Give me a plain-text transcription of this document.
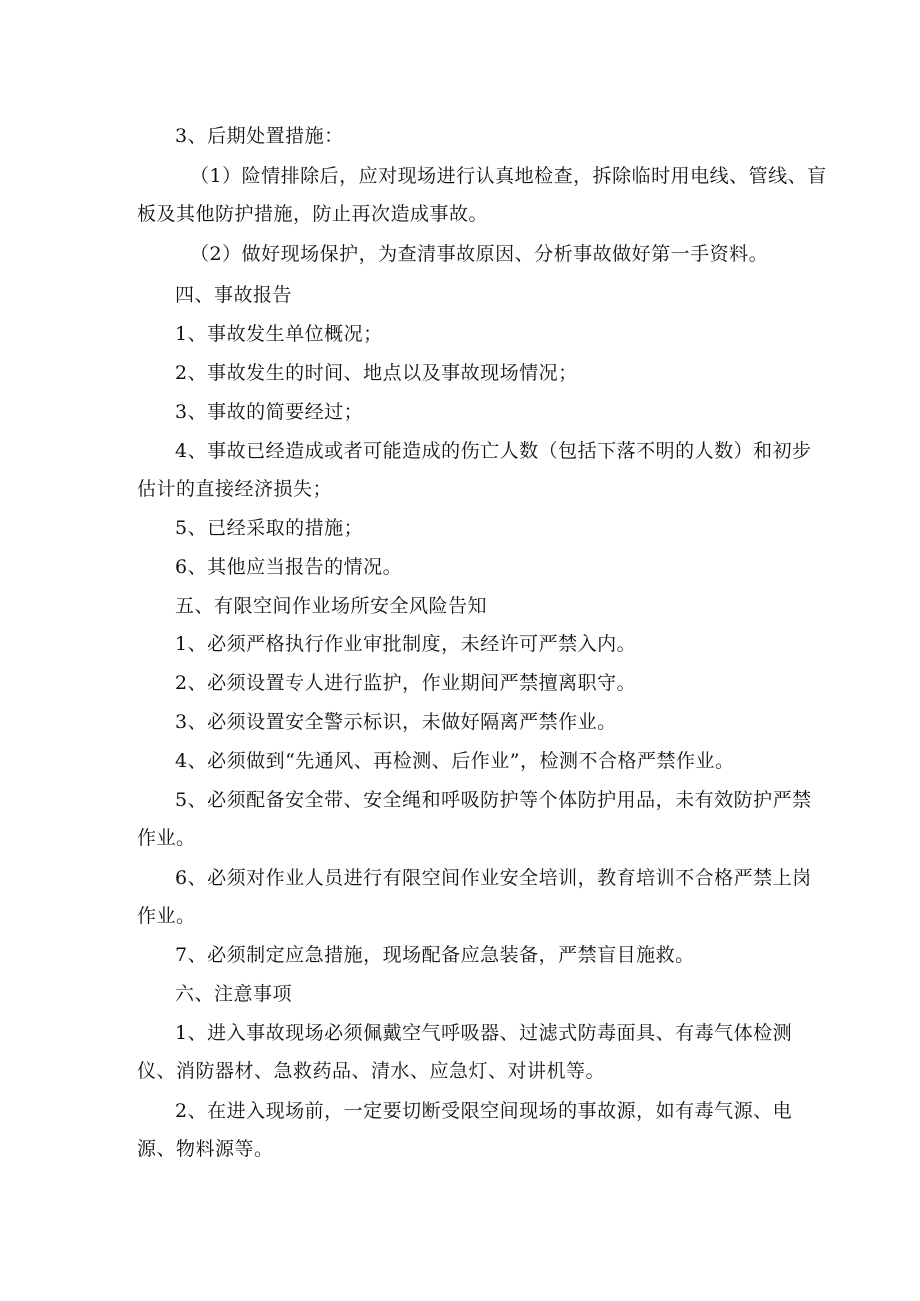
3、后期处置措施：
（1）险情排除后，应对现场进行认真地检查，拆除临时用电线、管线、盲
板及其他防护措施，防止再次造成事故。
（2）做好现场保护，为查清事故原因、分析事故做好第一手资料。
四、事故报告
1、事故发生单位概况；
2、事故发生的时间、地点以及事故现场情况；
3、事故的简要经过；
4、事故已经造成或者可能造成的伤亡人数（包括下落不明的人数）和初步
估计的直接经济损失；
5、已经采取的措施；
6、其他应当报告的情况。
五、有限空间作业场所安全风险告知
1、必须严格执行作业审批制度，未经许可严禁入内。
2、必须设置专人进行监护，作业期间严禁擅离职守。
3、必须设置安全警示标识，未做好隔离严禁作业。
4、必须做到“先通风、再检测、后作业”，检测不合格严禁作业。
5、必须配备安全带、安全绳和呼吸防护等个体防护用品，未有效防护严禁
作业。
6、必须对作业人员进行有限空间作业安全培训，教育培训不合格严禁上岗
作业。
7、必须制定应急措施，现场配备应急装备，严禁盲目施救。
六、注意事项
1、进入事故现场必须佩戴空气呼吸器、过滤式防毒面具、有毒气体检测
仪、消防器材、急救药品、清水、应急灯、对讲机等。
2、在进入现场前，一定要切断受限空间现场的事故源，如有毒气源、电
源、物料源等。
